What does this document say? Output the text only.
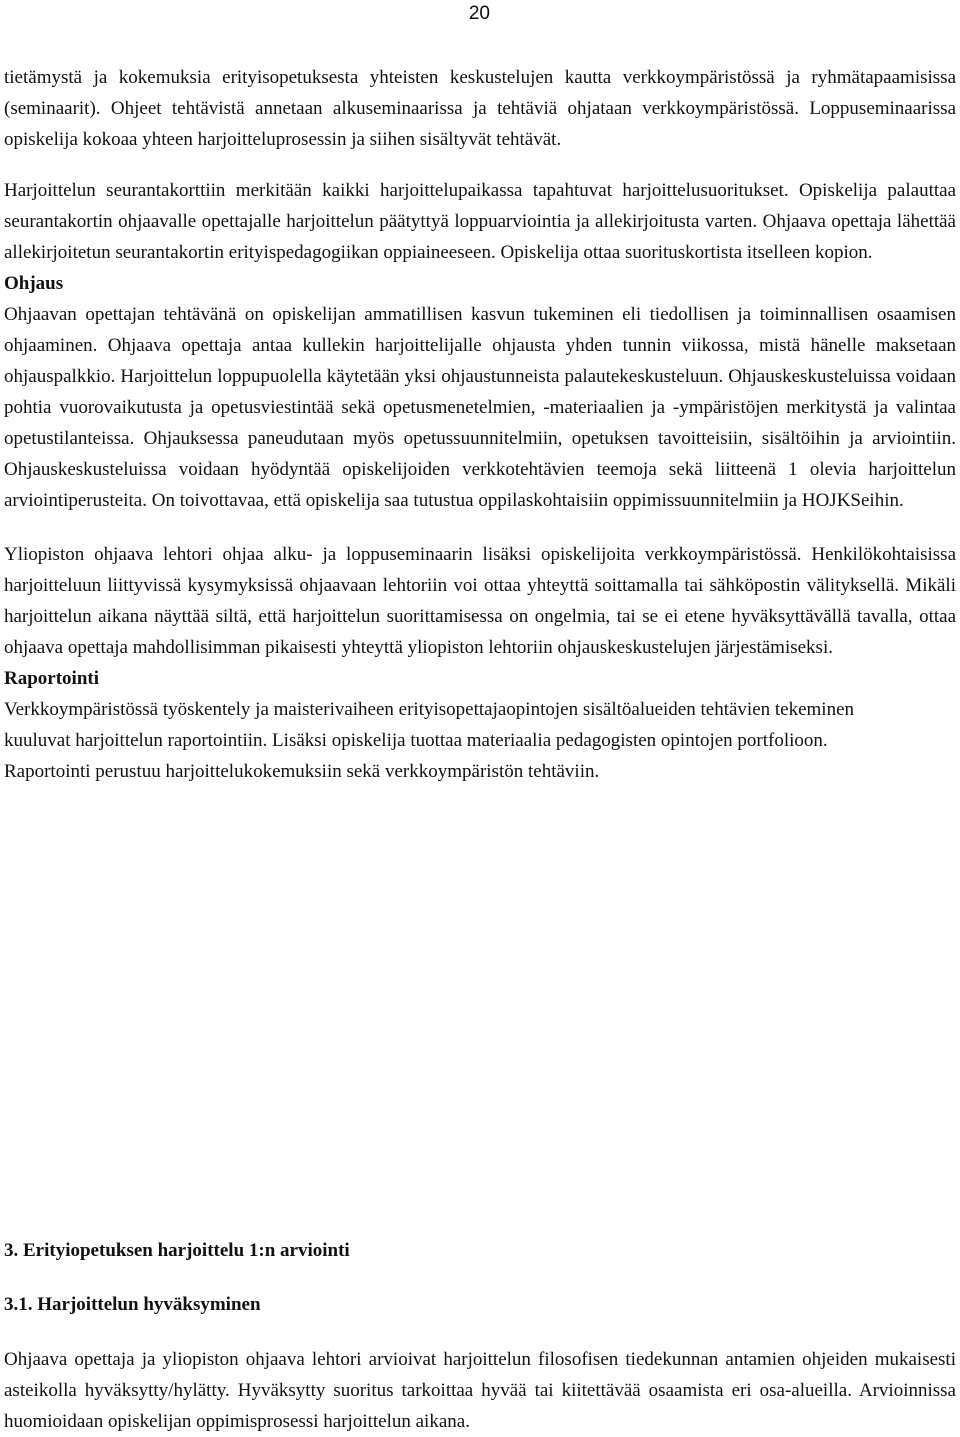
20

tietämystä ja kokemuksia erityisopetuksesta yhteisten keskustelujen kautta verkkoympäristössä ja ryhmätapaamisissa (seminaarit). Ohjeet tehtävistä annetaan alkuseminaarissa ja tehtäviä ohjataan verkkoympäristössä. Loppuseminaarissa opiskelija kokoaa yhteen harjoitteluprosessin ja siihen sisältyvät tehtävät.

Harjoittelun seurantakorttiin merkitään kaikki harjoittelupaikassa tapahtuvat harjoittelusuoritukset. Opiskelija palauttaa seurantakortin ohjaavalle opettajalle harjoittelun päätyttyä loppuarviointia ja allekirjoitusta varten. Ohjaava opettaja lähettää allekirjoitetun seurantakortin erityispedagogiikan oppiaineeseen. Opiskelija ottaa suorituskortista itselleen kopion.

Ohjaus

Ohjaavan opettajan tehtävänä on opiskelijan ammatillisen kasvun tukeminen eli tiedollisen ja toiminnallisen osaamisen ohjaaminen. Ohjaava opettaja antaa kullekin harjoittelijalle ohjausta yhden tunnin viikossa, mistä hänelle maksetaan ohjauspalkkio. Harjoittelun loppupuolella käytetään yksi ohjaustunneista palautekeskusteluun. Ohjauskeskusteluissa voidaan pohtia vuorovaikutusta ja opetusviestintää sekä opetusmenetelmien, -materiaalien ja -ympäristöjen merkitystä ja valintaa opetustilanteissa. Ohjauksessa paneudutaan myös opetussuunnitelmiin, opetuksen tavoitteisiin, sisältöihin ja arviointiin. Ohjauskeskusteluissa voidaan hyödyntää opiskelijoiden verkkotehtävien teemoja sekä liitteenä 1 olevia harjoittelun arviointiperusteita. On toivottavaa, että opiskelija saa tutustua oppilaskohtaisiin oppimissuunnitelmiin ja HOJKSeihin.

Yliopiston ohjaava lehtori ohjaa alku- ja loppuseminaarin lisäksi opiskelijoita verkkoympäristössä. Henkilökohtaisissa harjoitteluun liittyvissä kysymyksissä ohjaavaan lehtoriin voi ottaa yhteyttä soittamalla tai sähköpostin välityksellä. Mikäli harjoittelun aikana näyttää siltä, että harjoittelun suorittamisessa on ongelmia, tai se ei etene hyväksyttävällä tavalla, ottaa ohjaava opettaja mahdollisimman pikaisesti yhteyttä yliopiston lehtoriin ohjauskeskustelujen järjestämiseksi.

Raportointi

Verkkoympäristössä työskentely ja maisterivaiheen erityisopettajaopintojen sisältöalueiden tehtävien tekeminen kuuluvat harjoittelun raportointiin. Lisäksi opiskelija tuottaa materiaalia pedagogisten opintojen portfolioon. Raportointi perustuu harjoittelukokemuksiin sekä verkkoympäristön tehtäviin.

3. Erityiopetuksen harjoittelu 1:n arviointi
3.1. Harjoittelun hyväksyminen

Ohjaava opettaja ja yliopiston ohjaava lehtori arvioivat harjoittelun filosofisen tiedekunnan antamien ohjeiden mukaisesti asteikolla hyväksytty/hylätty. Hyväksytty suoritus tarkoittaa hyvää tai kiitettävää osaamista eri osa-alueilla. Arvioinnissa huomioidaan opiskelijan oppimisprosessi harjoittelun aikana.
